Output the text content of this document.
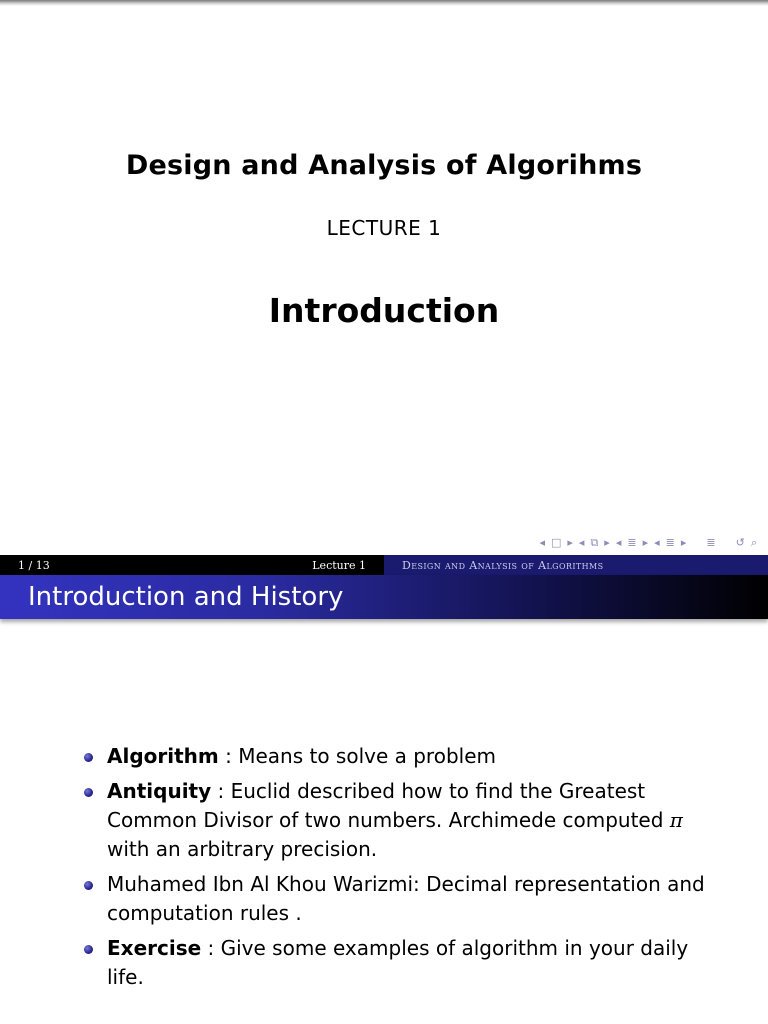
Design and Analysis of Algorihms
LECTURE 1
Introduction
◂ □ ▸ ◂ ⧉ ▸ ◂ ≣ ▸ ◂ ≣ ▸ ≣ ↺ ⌕
1 / 13	Lecture 1	Design and Analysis of Algorithms
Introduction and History
Algorithm : Means to solve a problem
Antiquity : Euclid described how to find the Greatest Common Divisor of two numbers. Archimede computed π with an arbitrary precision.
Muhamed Ibn Al Khou Warizmi: Decimal representation and computation rules .
Exercise : Give some examples of algorithm in your daily life.
